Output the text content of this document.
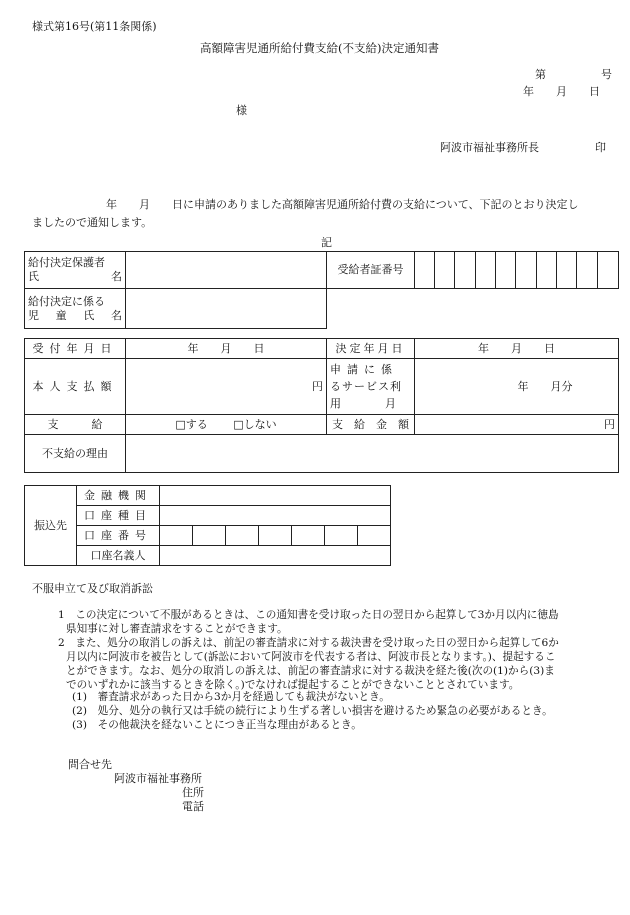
様式第16号(第11条関係)
高額障害児通所給付費支給(不支給)決定通知書
第　　　　　号
年　　月　　日
様
阿波市福祉事務所長	印
年　　月　　日に申請のありました高額障害児通所給付費の支給について、下記のとおり決定し
ましたので通知します。
記
給付決定保護者
氏　　　　名		受給者証番号										

給付決定に係る
児　童　氏　名												

受付年月日	年　　月　　日	決定年月日	年　　月　　日
本人支払額	円	申請に係
るサービス利
用　　　　月	年　　月分
支　　　給	□する □しない	支　給　金　額	円
不支給の理由			
振込先	金融機関							
	口座種目							
	口座番号							
	口座名義人							
不服申立て及び取消訴訟
1　この決定について不服があるときは、この通知書を受け取った日の翌日から起算して3か月以内に徳島
県知事に対し審査請求をすることができます。
2　また、処分の取消しの訴えは、前記の審査請求に対する裁決書を受け取った日の翌日から起算して6か
月以内に阿波市を被告として(訴訟において阿波市を代表する者は、阿波市長となります。)、提起するこ
とができます。なお、処分の取消しの訴えは、前記の審査請求に対する裁決を経た後(次の(1)から(3)ま
でのいずれかに該当するときを除く。)でなければ提起することができないこととされています。
(1)　審査請求があった日から3か月を経過しても裁決がないとき。
(2)　処分、処分の執行又は手続の続行により生ずる著しい損害を避けるため緊急の必要があるとき。
(3)　その他裁決を経ないことにつき正当な理由があるとき。
問合せ先
阿波市福祉事務所
住所
電話
